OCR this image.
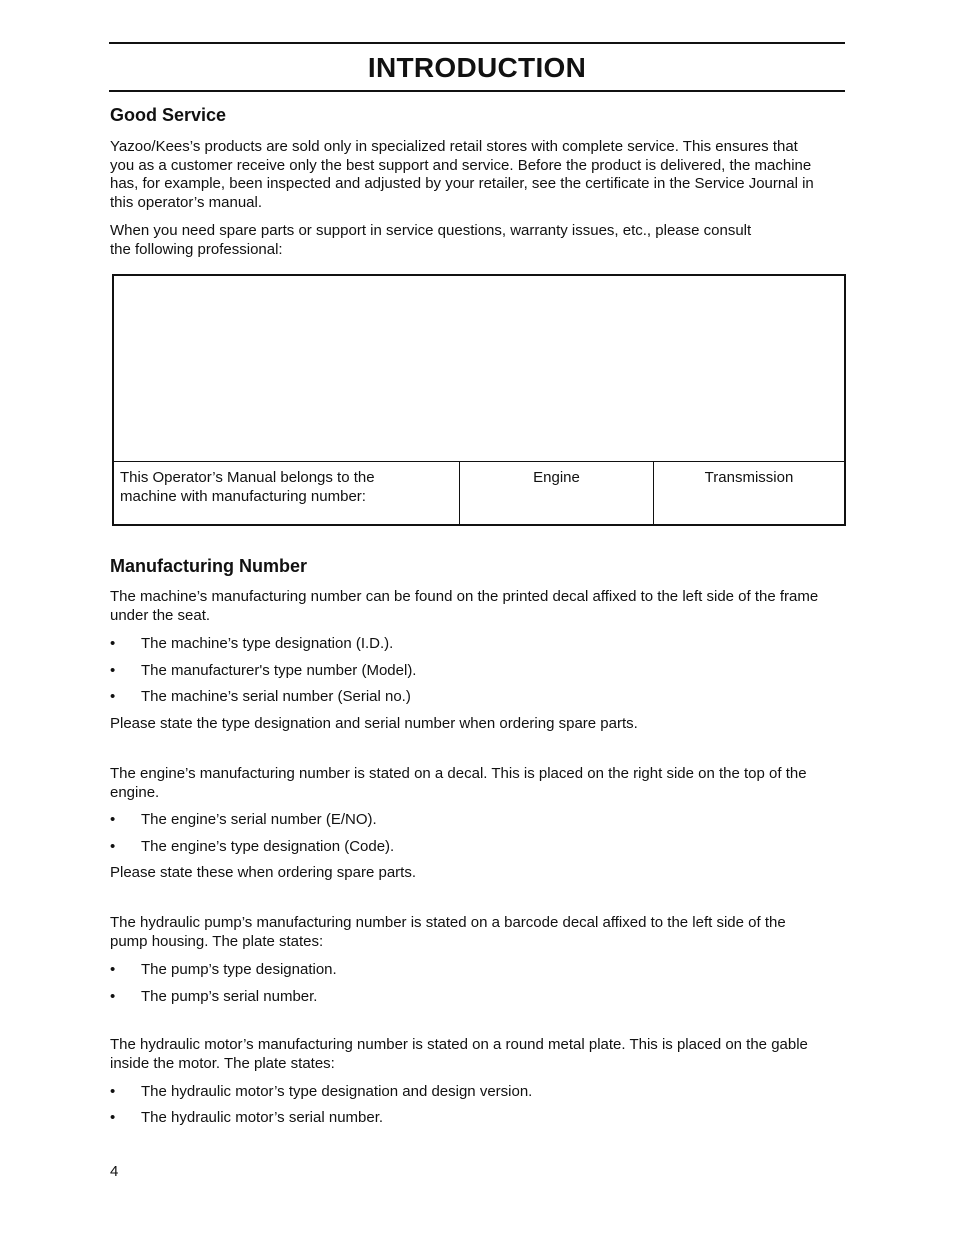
INTRODUCTION
Good Service

Yazoo/Kees’s products are sold only in specialized retail stores with complete service. This ensures that
you as a customer receive only the best support and service. Before the product is delivered, the machine
has, for example, been inspected and adjusted by your retailer, see the certificate in the Service Journal in
this operator’s manual.

When you need spare parts or support in service questions, warranty issues, etc., please consult
the following professional:

This Operator’s Manual belongs to the
machine with manufacturing number:
Engine	Transmission
Manufacturing Number

The machine’s manufacturing number can be found on the printed decal affixed to the left side of the frame
under the seat.

• The machine’s type designation (I.D.).
• The manufacturer's type number (Model).
• The machine’s serial number (Serial no.)

Please state the type designation and serial number when ordering spare parts.

The engine’s manufacturing number is stated on a decal. This is placed on the right side on the top of the
engine.

• The engine’s serial number (E/NO).
• The engine’s type designation (Code).

Please state these when ordering spare parts.

The hydraulic pump’s manufacturing number is stated on a barcode decal affixed to the left side of the
pump housing. The plate states:

• The pump’s type designation.
• The pump’s serial number.

The hydraulic motor’s manufacturing number is stated on a round metal plate. This is placed on the gable
inside the motor. The plate states:

• The hydraulic motor’s type designation and design version.
• The hydraulic motor’s serial number.
4
